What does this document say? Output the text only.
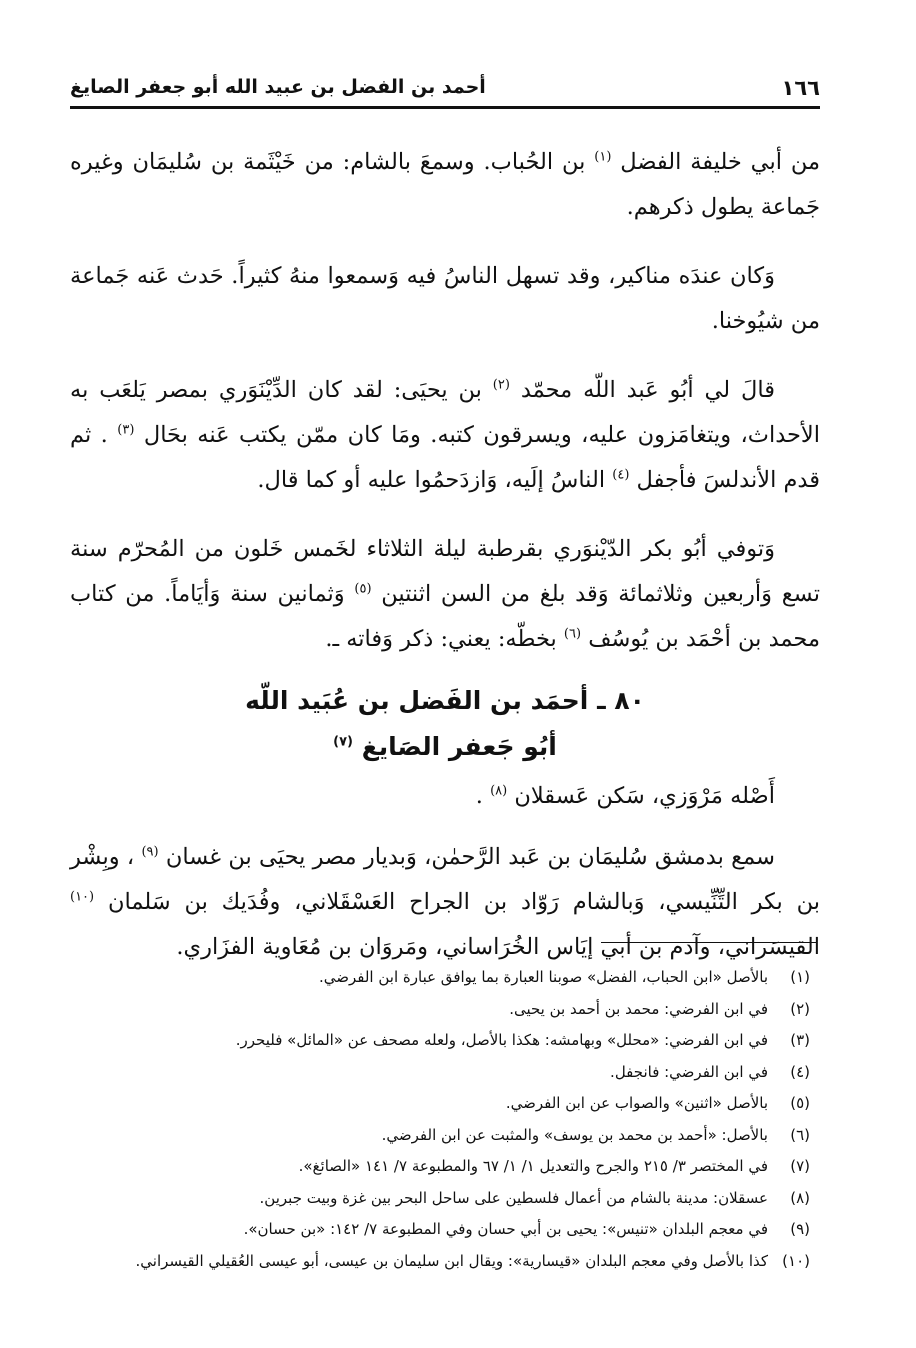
١٦٦
أحمد بن الفضل بن عبيد الله أبو جعفر الصايغ

من أبي خليفة الفضل $^{(١)}$ بن الحُباب. وسمعَ بالشام: من خَيْثَمة بن سُليمَان وغيره جَماعة يطول ذكرهم.

وَكان عندَه مناكير، وقد تسهل الناسُ فيه وَسمعوا منهُ كثيراً. حَدث عَنه جَماعة من شيُوخنا.

قالَ لي أبُو عَبد اللّه محمّد $^{(٢)}$ بن يحيَى: لقد كان الدِّيْنَوَري بمصر يَلعَب به الأحداث، ويتغامَزون عليه، ويسرقون كتبه. ومَا كان ممّن يكتب عَنه بحَال $^{(٣)}$ . ثم قدم الأندلسَ فأجفل $^{(٤)}$ الناسُ إلَيه، وَازدَحمُوا عليه أو كما قال.

وَتوفي أبُو بكر الدّيْنوَري بقرطبة ليلة الثلاثاء لخَمس خَلون من المُحرّم سنة تسع وَأربعين وثلاثمائة وَقد بلغ من السن اثنتين $^{(٥)}$ وَثمانين سنة وَأيَاماً. من كتاب محمد بن أحْمَد بن يُوسُف $^{(٦)}$ بخطّه: يعني: ذكر وَفاته ـ.

٨٠ ـ أحمَد بن الفَضل بن عُبَيد اللّه
أبُو جَعفر الصَايغ $^{(٧)}$

أَصْله مَرْوَزي، سَكن عَسقلان $^{(٨)}$ .

سمع بدمشق سُليمَان بن عَبد الرَّحمٰن، وَبديار مصر يحيَى بن غسان $^{(٩)}$ ، وبِشْر بن بكر التِّنِّيسي، وَبالشام رَوّاد بن الجراح العَسْقَلاني، وفُدَيك بن سَلمان $^{(١٠)}$ القيسَراني، وآدم بن أبي إيَاس الخُرَاساني، ومَروَان بن مُعَاوية الفزَاري.

(١)
بالأصل «ابن الحباب، الفضل» صوبنا العبارة بما يوافق عبارة ابن الفرضي.
(٢)
في ابن الفرضي: محمد بن أحمد بن يحيى.
(٣)
في ابن الفرضي: «محلل» وبهامشه: هكذا بالأصل، ولعله مصحف عن «المائل» فليحرر.
(٤)
في ابن الفرضي: فانجفل.
(٥)
بالأصل «اثنين» والصواب عن ابن الفرضي.
(٦)
بالأصل: «أحمد بن محمد بن يوسف» والمثبت عن ابن الفرضي.
(٧)
في المختصر ٣/ ٢١٥ والجرح والتعديل ١/ ١/ ٦٧ والمطبوعة ٧/ ١٤١ «الصائغ».
(٨)
عسقلان: مدينة بالشام من أعمال فلسطين على ساحل البحر بين غزة وبيت جبرين.
(٩)
في معجم البلدان «تنيس»: يحيى بن أبي حسان وفي المطبوعة ٧/ ١٤٢: «بن حسان».
(١٠)
كذا بالأصل وفي معجم البلدان «قيسارية»: ويقال ابن سليمان بن عيسى، أبو عيسى العُقيلي القيسراني.
